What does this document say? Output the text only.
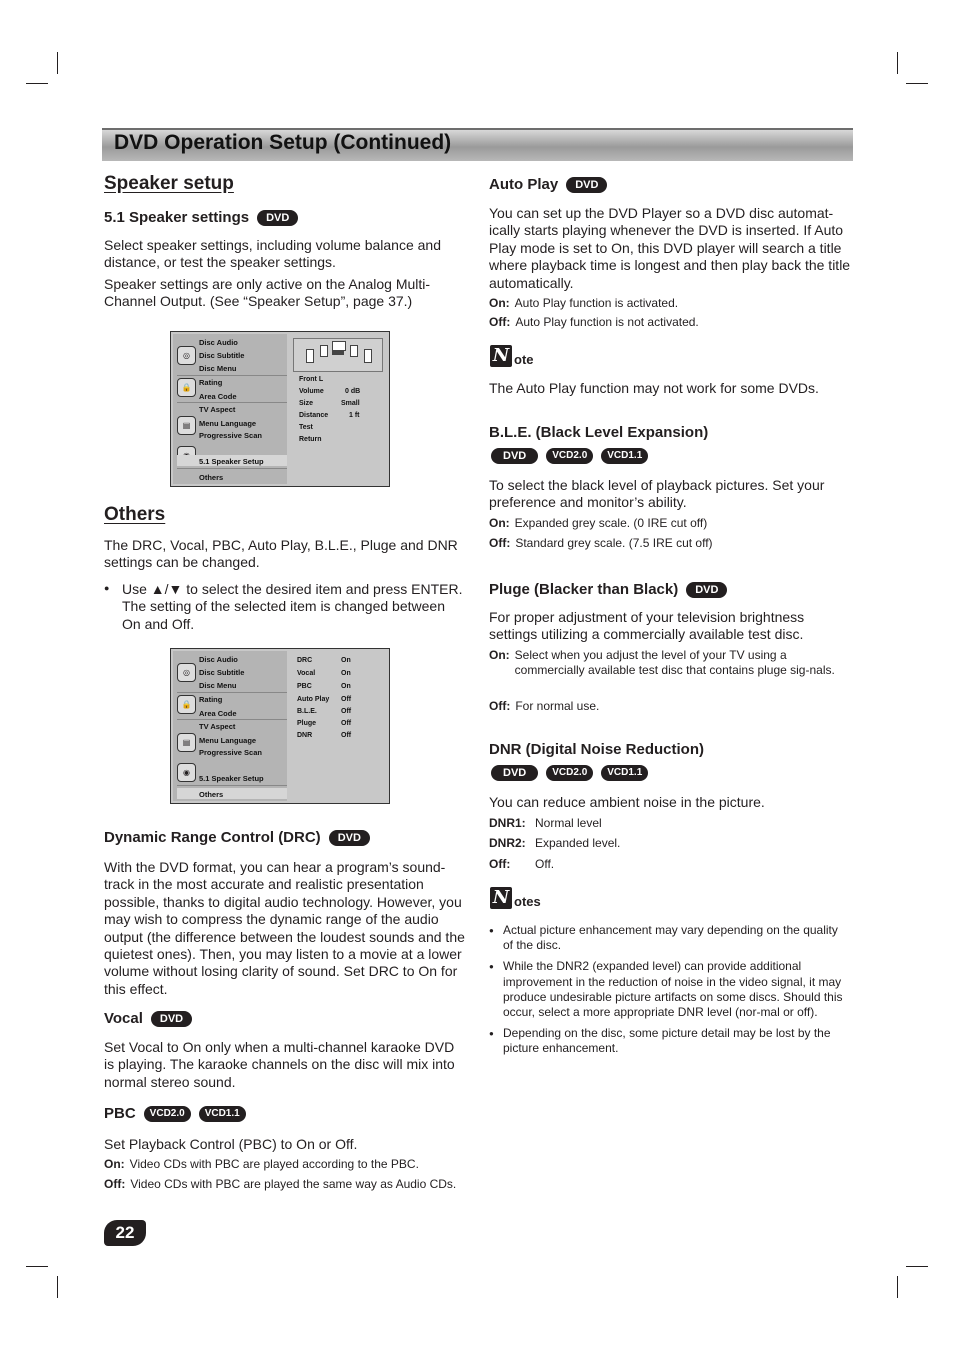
DVD Operation Setup (Continued)
Speaker setup
5.1 Speaker settings	DVD

Select speaker settings, including volume balance and distance, or test the speaker settings.

Speaker settings are only active on the Analog Multi-Channel Output. (See “Speaker Setup”, page 37.)

◎
🔒
▤
Disc Audio
Disc Subtitle
Disc Menu
Rating
Area Code
TV Aspect
Menu Language
Progressive Scan
5.1 Speaker Setup
Others
Front L
Volume	0 dB
Size	Small
Distance	1 ft
Test
Return
Others

The DRC, Vocal, PBC, Auto Play, B.L.E., Pluge and DNR settings can be changed.

● Use ▲/▼ to select the desired item and press ENTER. The setting of the selected item is changed between On and Off.

◎
🔒
▤
◉
Disc Audio
Disc Subtitle
Disc Menu
Rating
Area Code
TV Aspect
Menu Language
Progressive Scan
5.1 Speaker Setup
Others
DRC	On
Vocal	On
PBC	On
Auto Play Off
B.L.E.	Off
Pluge	Off
DNR	Off
Dynamic Range Control (DRC)	DVD

With the DVD format, you can hear a program’s sound-track in the most accurate and realistic presentation possible, thanks to digital audio technology. However, you may wish to compress the dynamic range of the audio output (the difference between the loudest sounds and the quietest ones). Then, you may listen to a movie at a lower volume without losing clarity of sound. Set DRC to On for this effect.

Vocal	DVD

Set Vocal to On only when a multi-channel karaoke DVD is playing. The karaoke channels on the disc will mix into normal stereo sound.

PBC	VCD2.0	VCD1.1

Set Playback Control (PBC) to On or Off.

On: Video CDs with PBC are played according to the PBC.
Off: Video CDs with PBC are played the same way as Audio CDs.
22
Auto Play	DVD

You can set up the DVD Player so a DVD disc automat-ically starts playing whenever the DVD is inserted. If Auto Play mode is set to On, this DVD player will search a title where playback time is longest and then play back the title automatically.

On: Auto Play function is activated.
Off: Auto Play function is not activated.
N ote

The Auto Play function may not work for some DVDs.

B.L.E. (Black Level Expansion)
DVD	VCD2.0	VCD1.1

To select the black level of playback pictures. Set your preference and monitor’s ability.

On: Expanded grey scale. (0 IRE cut off)
Off: Standard grey scale. (7.5 IRE cut off)
Pluge (Blacker than Black)	DVD

For proper adjustment of your television brightness settings utilizing a commercially available test disc.

On: Select when you adjust the level of your TV using a commercially available test disc that contains pluge sig-nals.
Off: For normal use.
DNR (Digital Noise Reduction)
DVD	VCD2.0	VCD1.1

You can reduce ambient noise in the picture.

DNR1: Normal level
DNR2: Expanded level.
Off:	Off.
N otes
● Actual picture enhancement may vary depending on the quality of the disc.
● While the DNR2 (expanded level) can provide additional improvement in the reduction of noise in the video signal, it may produce undesirable picture artifacts on some discs. Should this occur, select a more appropriate DNR level (nor-mal or off).
● Depending on the disc, some picture detail may be lost by the picture enhancement.
